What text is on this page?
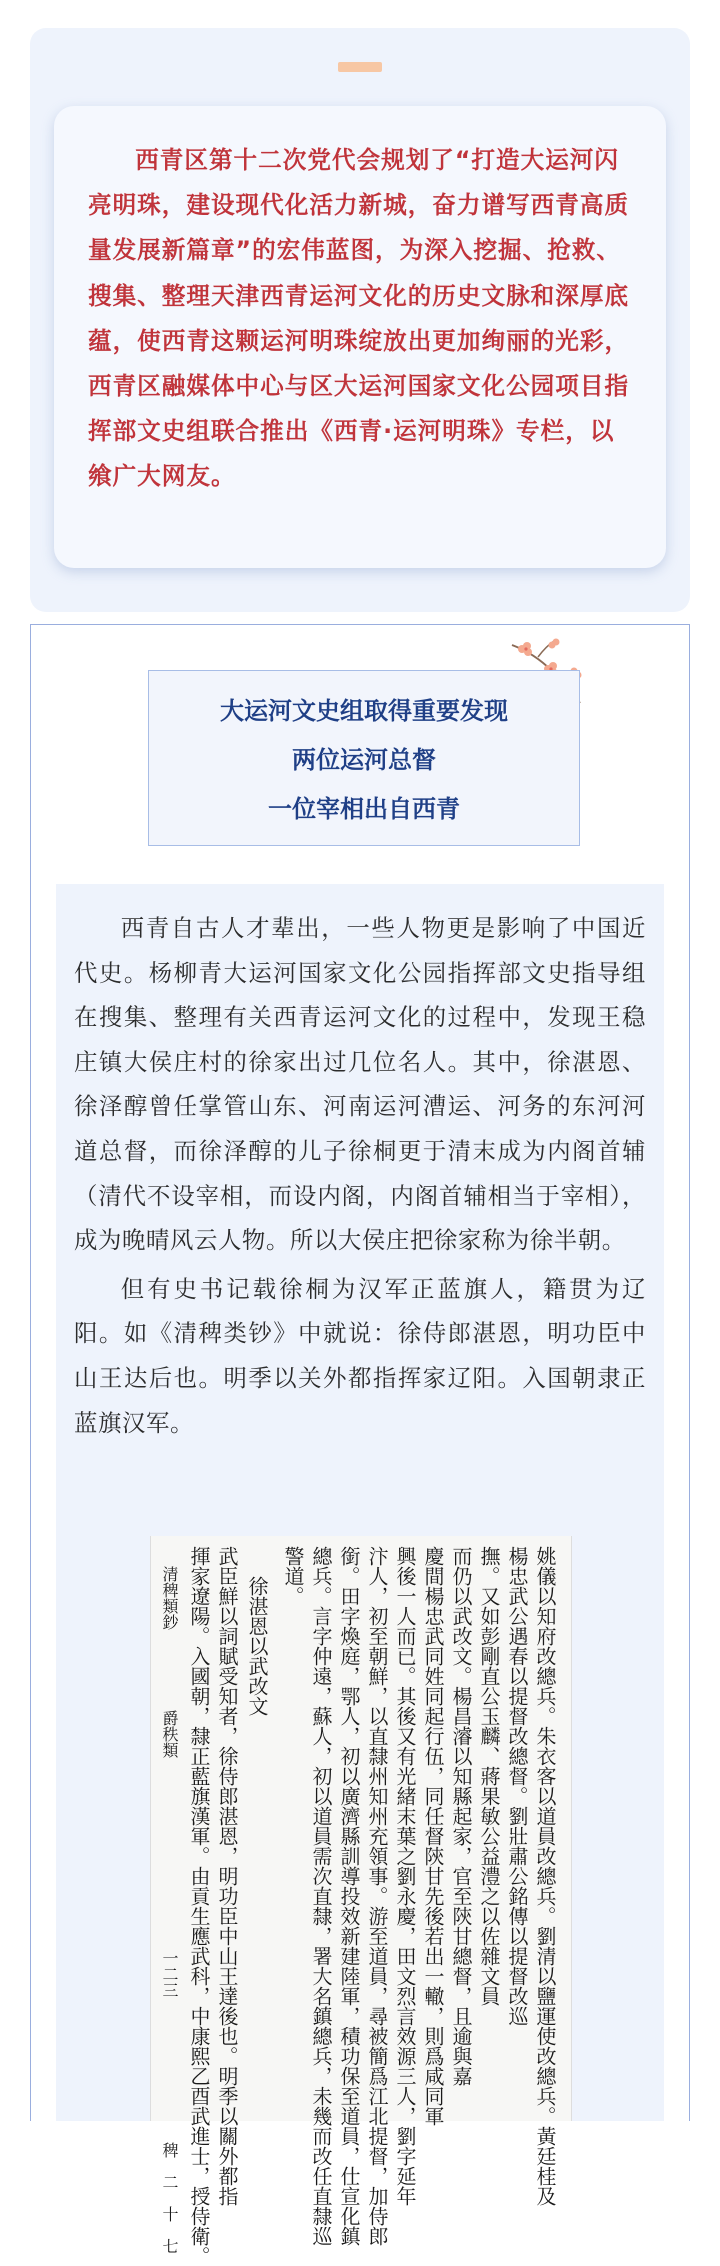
西青区第十二次党代会规划了“打造大运河闪亮明珠，建设现代化活力新城，奋力谱写西青高质量发展新篇章”的宏伟蓝图，为深入挖掘、抢救、搜集、整理天津西青运河文化的历史文脉和深厚底蕴，使西青这颗运河明珠绽放出更加绚丽的光彩，西青区融媒体中心与区大运河国家文化公园项目指挥部文史组联合推出《西青·运河明珠》专栏，以飨广大网友。

大运河文史组取得重要发现
两位运河总督
一位宰相出自西青

西青自古人才辈出，一些人物更是影响了中国近代史。杨柳青大运河国家文化公园指挥部文史指导组在搜集、整理有关西青运河文化的过程中，发现王稳庄镇大侯庄村的徐家出过几位名人。其中，徐湛恩、徐泽醇曾任掌管山东、河南运河漕运、河务的东河河道总督，而徐泽醇的儿子徐桐更于清末成为内阁首辅（清代不设宰相，而设内阁，内阁首辅相当于宰相），成为晚晴风云人物。所以大侯庄把徐家称为徐半朝。

但有史书记载徐桐为汉军正蓝旗人，籍贯为辽阳。如《清稗类钞》中就说：徐侍郎湛恩，明功臣中山王达后也。明季以关外都指挥家辽阳。入国朝隶正蓝旗汉军。

姚儀以知府改總兵。朱衣客以道員改總兵。劉清以鹽運使改總兵。黃廷桂及
楊忠武公遇春以提督改總督。劉壯肅公銘傳以提督改巡
撫。又如彭剛直公玉麟、蔣果敏公益澧之以佐雜文員
而仍以武改文。楊昌濬以知縣起家，官至陝甘總督，且逾與嘉
慶間楊忠武同姓同起行伍，同任督陝甘先後若出一轍，則爲咸同軍
興後一人而已。其後又有光緒末葉之劉永慶，田文烈言效源三人，劉字延年
汴人，初至朝鮮，以直隸州知州充領事。游至道員，尋被簡爲江北提督，加侍郎
銜。田字煥庭，鄂人，初以廣濟縣訓導投效新建陸軍，積功保至道員，仕宣化鎮
總兵。言字仲遠，蘇人，初以道員需次直隸，署大名鎮總兵，未幾而改任直隸巡
警道。
徐湛恩以武改文
武臣鮮以詞賦受知者，徐侍郎湛恩，明功臣中山王達後也。明季以關外都指
揮家遼陽。入國朝，隸正藍旗漢軍。由貢生應武科，中康熙乙酉武進士，授侍衛。
清稗類鈔　　　　　爵秩類　　　　　　　　　　　　一二三　　　　　　　　　稗　二　十　七
